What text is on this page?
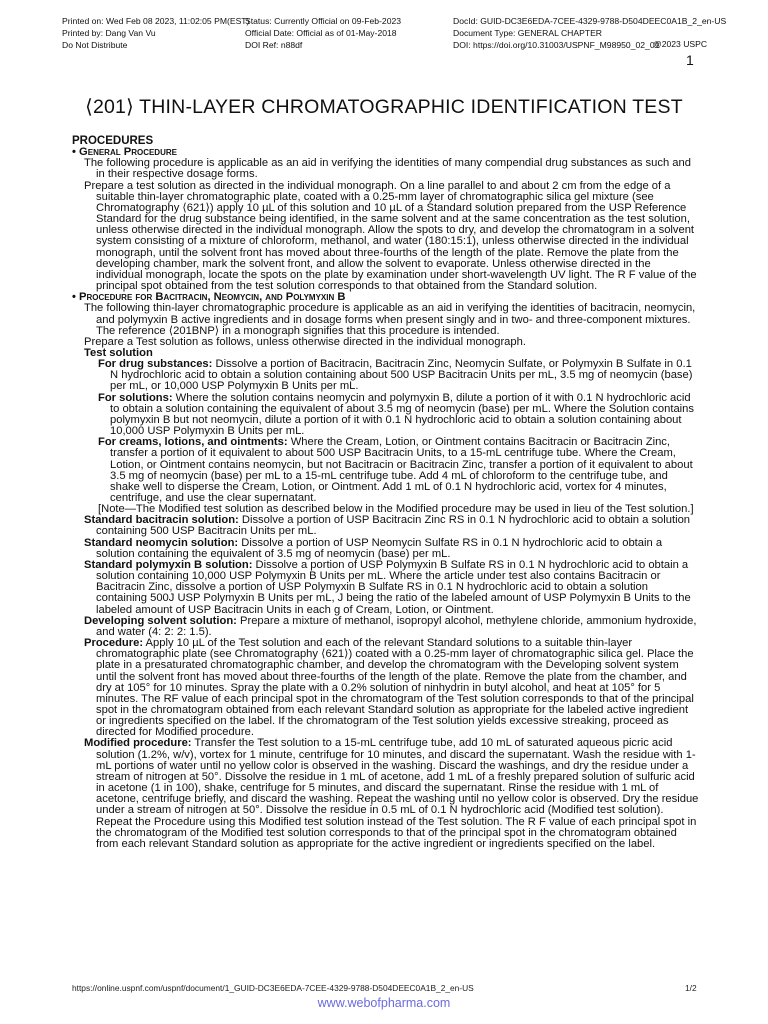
Printed on: Wed Feb 08 2023, 11:02:05 PM(EST)
Printed by: Dang Van Vu
Do Not Distribute
Status: Currently Official on 09-Feb-2023
Official Date: Official as of 01-May-2018
DOI Ref: n88df
DocId: GUID-DC3E6EDA-7CEE-4329-9788-D504DEEC0A1B_2_en-US
Document Type: GENERAL CHAPTER
DOI: https://doi.org/10.31003/USPNF_M98950_02_01
@2023 USPC
1
⟨201⟩ THIN-LAYER CHROMATOGRAPHIC IDENTIFICATION TEST

PROCEDURES

• General Procedure

The following procedure is applicable as an aid in verifying the identities of many compendial drug substances as such and in their respective dosage forms.

Prepare a test solution as directed in the individual monograph. On a line parallel to and about 2 cm from the edge of a suitable thin-layer chromatographic plate, coated with a 0.25-mm layer of chromatographic silica gel mixture (see Chromatography ⟨621⟩) apply 10 µL of this solution and 10 µL of a Standard solution prepared from the USP Reference Standard for the drug substance being identified, in the same solvent and at the same concentration as the test solution, unless otherwise directed in the individual monograph. Allow the spots to dry, and develop the chromatogram in a solvent system consisting of a mixture of chloroform, methanol, and water (180:15:1), unless otherwise directed in the individual monograph, until the solvent front has moved about three-fourths of the length of the plate. Remove the plate from the developing chamber, mark the solvent front, and allow the solvent to evaporate. Unless otherwise directed in the individual monograph, locate the spots on the plate by examination under short-wavelength UV light. The R F value of the principal spot obtained from the test solution corresponds to that obtained from the Standard solution.

• Procedure for Bacitracin, Neomycin, and Polymyxin B

The following thin-layer chromatographic procedure is applicable as an aid in verifying the identities of bacitracin, neomycin, and polymyxin B active ingredients and in dosage forms when present singly and in two- and three-component mixtures. The reference ⟨201BNP⟩ in a monograph signifies that this procedure is intended.

Prepare a Test solution as follows, unless otherwise directed in the individual monograph.

Test solution

For drug substances: Dissolve a portion of Bacitracin, Bacitracin Zinc, Neomycin Sulfate, or Polymyxin B Sulfate in 0.1 N hydrochloric acid to obtain a solution containing about 500 USP Bacitracin Units per mL, 3.5 mg of neomycin (base) per mL, or 10,000 USP Polymyxin B Units per mL.

For solutions: Where the solution contains neomycin and polymyxin B, dilute a portion of it with 0.1 N hydrochloric acid to obtain a solution containing the equivalent of about 3.5 mg of neomycin (base) per mL. Where the Solution contains polymyxin B but not neomycin, dilute a portion of it with 0.1 N hydrochloric acid to obtain a solution containing about 10,000 USP Polymyxin B Units per mL.

For creams, lotions, and ointments: Where the Cream, Lotion, or Ointment contains Bacitracin or Bacitracin Zinc, transfer a portion of it equivalent to about 500 USP Bacitracin Units, to a 15-mL centrifuge tube. Where the Cream, Lotion, or Ointment contains neomycin, but not Bacitracin or Bacitracin Zinc, transfer a portion of it equivalent to about 3.5 mg of neomycin (base) per mL to a 15-mL centrifuge tube. Add 4 mL of chloroform to the centrifuge tube, and shake well to disperse the Cream, Lotion, or Ointment. Add 1 mL of 0.1 N hydrochloric acid, vortex for 4 minutes, centrifuge, and use the clear supernatant.

[Note—The Modified test solution as described below in the Modified procedure may be used in lieu of the Test solution.]

Standard bacitracin solution: Dissolve a portion of USP Bacitracin Zinc RS in 0.1 N hydrochloric acid to obtain a solution containing 500 USP Bacitracin Units per mL.

Standard neomycin solution: Dissolve a portion of USP Neomycin Sulfate RS in 0.1 N hydrochloric acid to obtain a solution containing the equivalent of 3.5 mg of neomycin (base) per mL.

Standard polymyxin B solution: Dissolve a portion of USP Polymyxin B Sulfate RS in 0.1 N hydrochloric acid to obtain a solution containing 10,000 USP Polymyxin B Units per mL. Where the article under test also contains Bacitracin or Bacitracin Zinc, dissolve a portion of USP Polymyxin B Sulfate RS in 0.1 N hydrochloric acid to obtain a solution containing 500J USP Polymyxin B Units per mL, J being the ratio of the labeled amount of USP Polymyxin B Units to the labeled amount of USP Bacitracin Units in each g of Cream, Lotion, or Ointment.

Developing solvent solution: Prepare a mixture of methanol, isopropyl alcohol, methylene chloride, ammonium hydroxide, and water (4: 2: 2: 1.5).

Procedure: Apply 10 µL of the Test solution and each of the relevant Standard solutions to a suitable thin-layer chromatographic plate (see Chromatography ⟨621⟩) coated with a 0.25-mm layer of chromatographic silica gel. Place the plate in a presaturated chromatographic chamber, and develop the chromatogram with the Developing solvent system until the solvent front has moved about three-fourths of the length of the plate. Remove the plate from the chamber, and dry at 105° for 10 minutes. Spray the plate with a 0.2% solution of ninhydrin in butyl alcohol, and heat at 105° for 5 minutes. The RF value of each principal spot in the chromatogram of the Test solution corresponds to that of the principal spot in the chromatogram obtained from each relevant Standard solution as appropriate for the labeled active ingredient or ingredients specified on the label. If the chromatogram of the Test solution yields excessive streaking, proceed as directed for Modified procedure.

Modified procedure: Transfer the Test solution to a 15-mL centrifuge tube, add 10 mL of saturated aqueous picric acid solution (1.2%, w/v), vortex for 1 minute, centrifuge for 10 minutes, and discard the supernatant. Wash the residue with 1-mL portions of water until no yellow color is observed in the washing. Discard the washings, and dry the residue under a stream of nitrogen at 50°. Dissolve the residue in 1 mL of acetone, add 1 mL of a freshly prepared solution of sulfuric acid in acetone (1 in 100), shake, centrifuge for 5 minutes, and discard the supernatant. Rinse the residue with 1 mL of acetone, centrifuge briefly, and discard the washing. Repeat the washing until no yellow color is observed. Dry the residue under a stream of nitrogen at 50°. Dissolve the residue in 0.5 mL of 0.1 N hydrochloric acid (Modified test solution). Repeat the Procedure using this Modified test solution instead of the Test solution. The R F value of each principal spot in the chromatogram of the Modified test solution corresponds to that of the principal spot in the chromatogram obtained from each relevant Standard solution as appropriate for the active ingredient or ingredients specified on the label.

https://online.uspnf.com/uspnf/document/1_GUID-DC3E6EDA-7CEE-4329-9788-D504DEEC0A1B_2_en-US	1/2
www.webofpharma.com
